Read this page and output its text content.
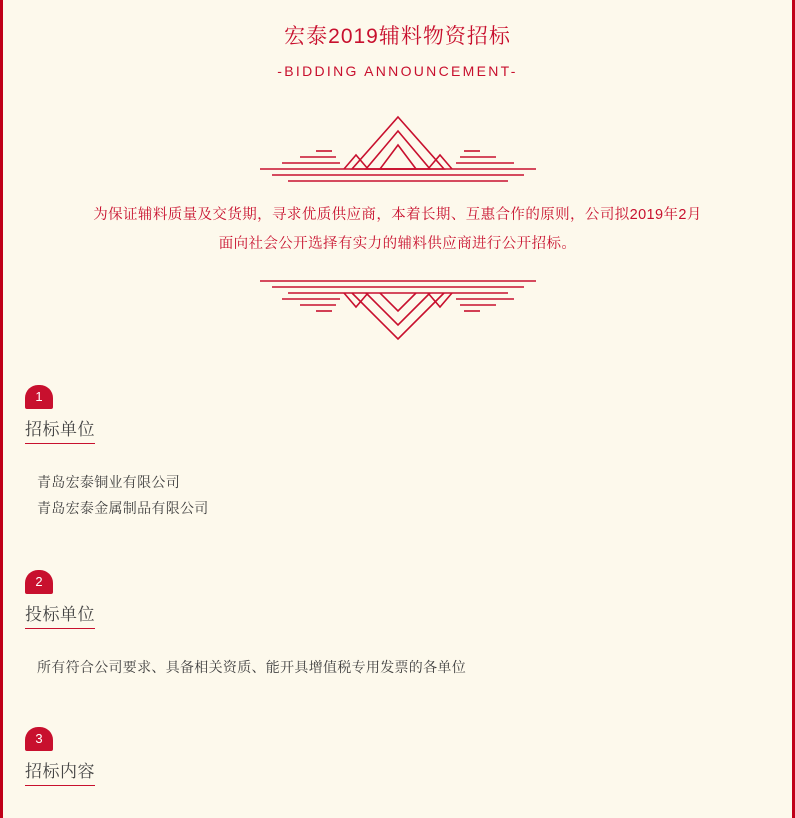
宏泰2019辅料物资招标
-BIDDING ANNOUNCEMENT-
为保证辅料质量及交货期，寻求优质供应商，本着长期、互惠合作的原则，公司拟2019年2月面向社会公开选择有实力的辅料供应商进行公开招标。
1
招标单位
青岛宏泰铜业有限公司
青岛宏泰金属制品有限公司
2
投标单位
所有符合公司要求、具备相关资质、能开具增值税专用发票的各单位
3
招标内容
